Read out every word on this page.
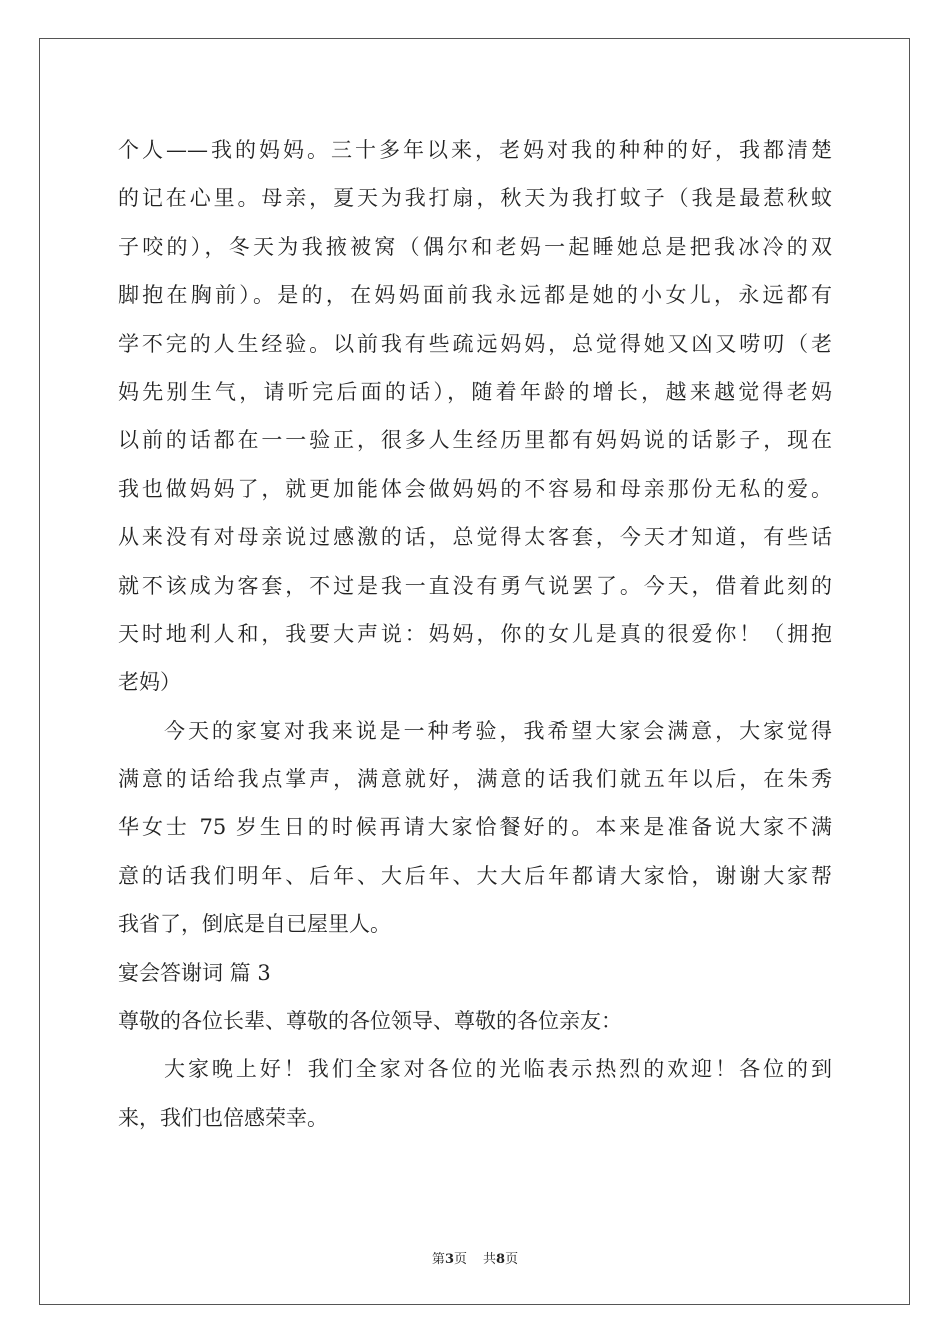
个人——我的妈妈。三十多年以来，老妈对我的种种的好，我都清楚
的记在心里。母亲，夏天为我打扇，秋天为我打蚊子（我是最惹秋蚊
子咬的），冬天为我掖被窝（偶尔和老妈一起睡她总是把我冰冷的双
脚抱在胸前）。是的，在妈妈面前我永远都是她的小女儿，永远都有
学不完的人生经验。以前我有些疏远妈妈，总觉得她又凶又唠叨（老
妈先别生气，请听完后面的话），随着年龄的增长，越来越觉得老妈
以前的话都在一一验正，很多人生经历里都有妈妈说的话影子，现在
我也做妈妈了，就更加能体会做妈妈的不容易和母亲那份无私的爱。
从来没有对母亲说过感激的话，总觉得太客套，今天才知道，有些话
就不该成为客套，不过是我一直没有勇气说罢了。今天，借着此刻的
天时地利人和，我要大声说：妈妈，你的女儿是真的很爱你！（拥抱
老妈）
今天的家宴对我来说是一种考验，我希望大家会满意，大家觉得
满意的话给我点掌声，满意就好，满意的话我们就五年以后，在朱秀
华女士 75 岁生日的时候再请大家恰餐好的。本来是准备说大家不满
意的话我们明年、后年、大后年、大大后年都请大家恰，谢谢大家帮
我省了，倒底是自已屋里人。
宴会答谢词 篇 3
尊敬的各位长辈、尊敬的各位领导、尊敬的各位亲友：
大家晚上好！我们全家对各位的光临表示热烈的欢迎！各位的到
来，我们也倍感荣幸。
第3页 共8页
